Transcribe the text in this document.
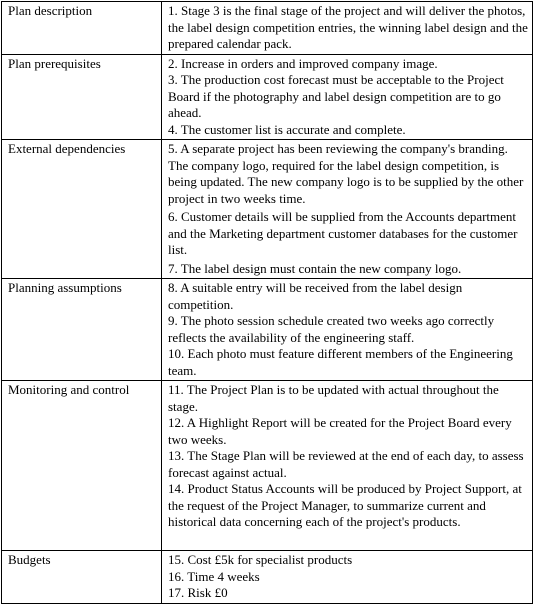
Plan description	1. Stage 3 is the final stage of the project and will deliver the photos, the label design competition entries, the winning label design and the prepared calendar pack.

Plan prerequisites	2. Increase in orders and improved company image.
3. The production cost forecast must be acceptable to the Project Board if the photography and label design competition are to go ahead.
4. The customer list is accurate and complete.

External dependencies	5. A separate project has been reviewing the company's branding. The company logo, required for the label design competition, is being updated. The new company logo is to be supplied by the other project in two weeks time.
6. Customer details will be supplied from the Accounts department and the Marketing department customer databases for the customer list.
7. The label design must contain the new company logo.

Planning assumptions	8. A suitable entry will be received from the label design competition.
9. The photo session schedule created two weeks ago correctly reflects the availability of the engineering staff.
10. Each photo must feature different members of the Engineering team.

Monitoring and control	11. The Project Plan is to be updated with actual throughout the stage.
12. A Highlight Report will be created for the Project Board every two weeks.
13. The Stage Plan will be reviewed at the end of each day, to assess forecast against actual.
14. Product Status Accounts will be produced by Project Support, at the request of the Project Manager, to summarize current and historical data concerning each of the project's products.

Budgets	15. Cost £5k for specialist products
16. Time 4 weeks
17. Risk £0
